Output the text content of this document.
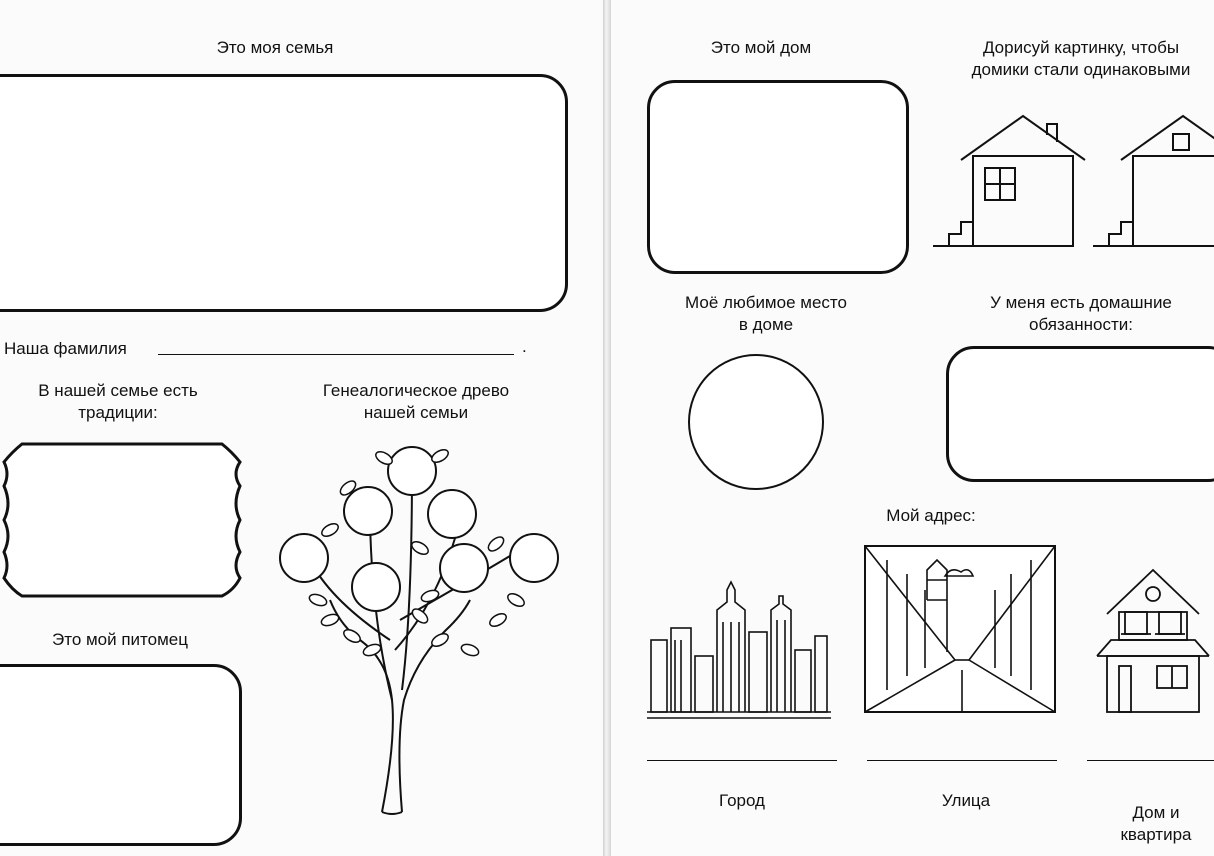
Это моя семья
Наша фамилия	.
В нашей семье есть
традиции:
Генеалогическое древо
нашей семьи
Это мой питомец
Это мой дом	Дорисуй картинку, чтобы
домики стали одинаковыми
Моё любимое место
в доме
У меня есть домашние
обязанности:
Мой адрес:
Город	Улица
Дом и
квартира
